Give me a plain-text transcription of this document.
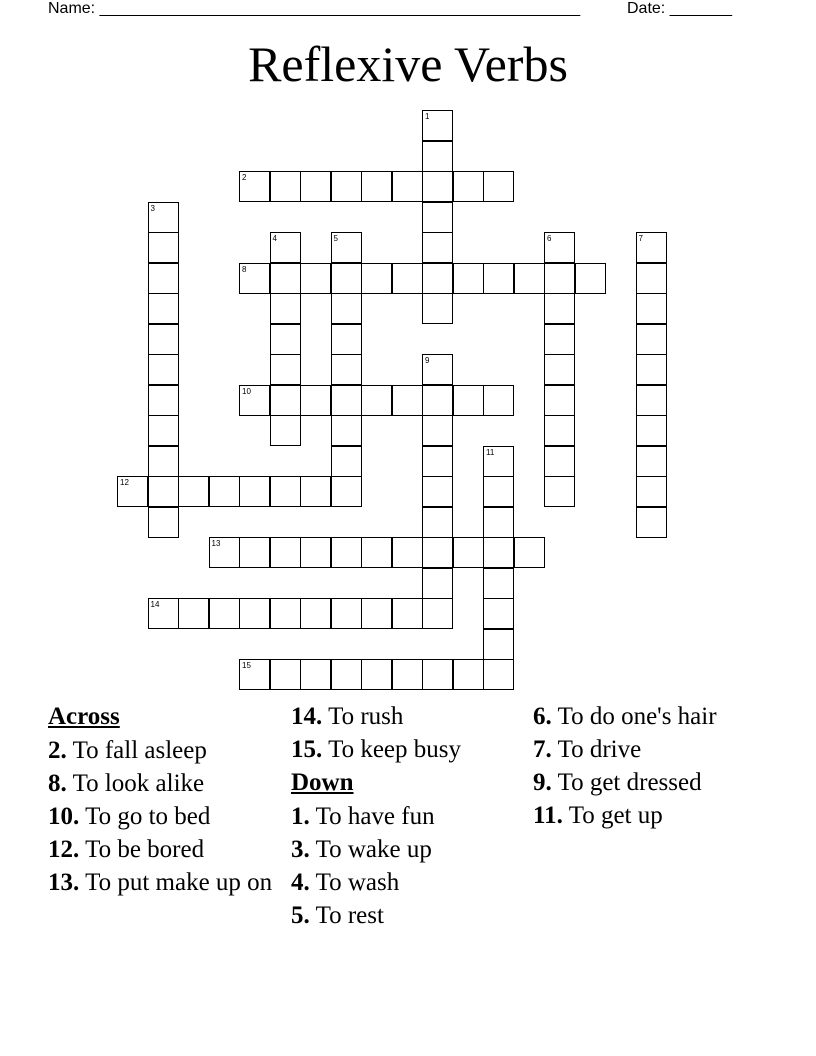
Name: ______________________________________________________	Date: _______
Reflexive Verbs
1
2
3
4	5	6	7
8
9
10
11
12
13
14
15
Across
2. To fall asleep
8. To look alike
10. To go to bed
12. To be bored
13. To put make up on
14. To rush
15. To keep busy
Down
1. To have fun
3. To wake up
4. To wash
5. To rest
6. To do one's hair
7. To drive
9. To get dressed
11. To get up
